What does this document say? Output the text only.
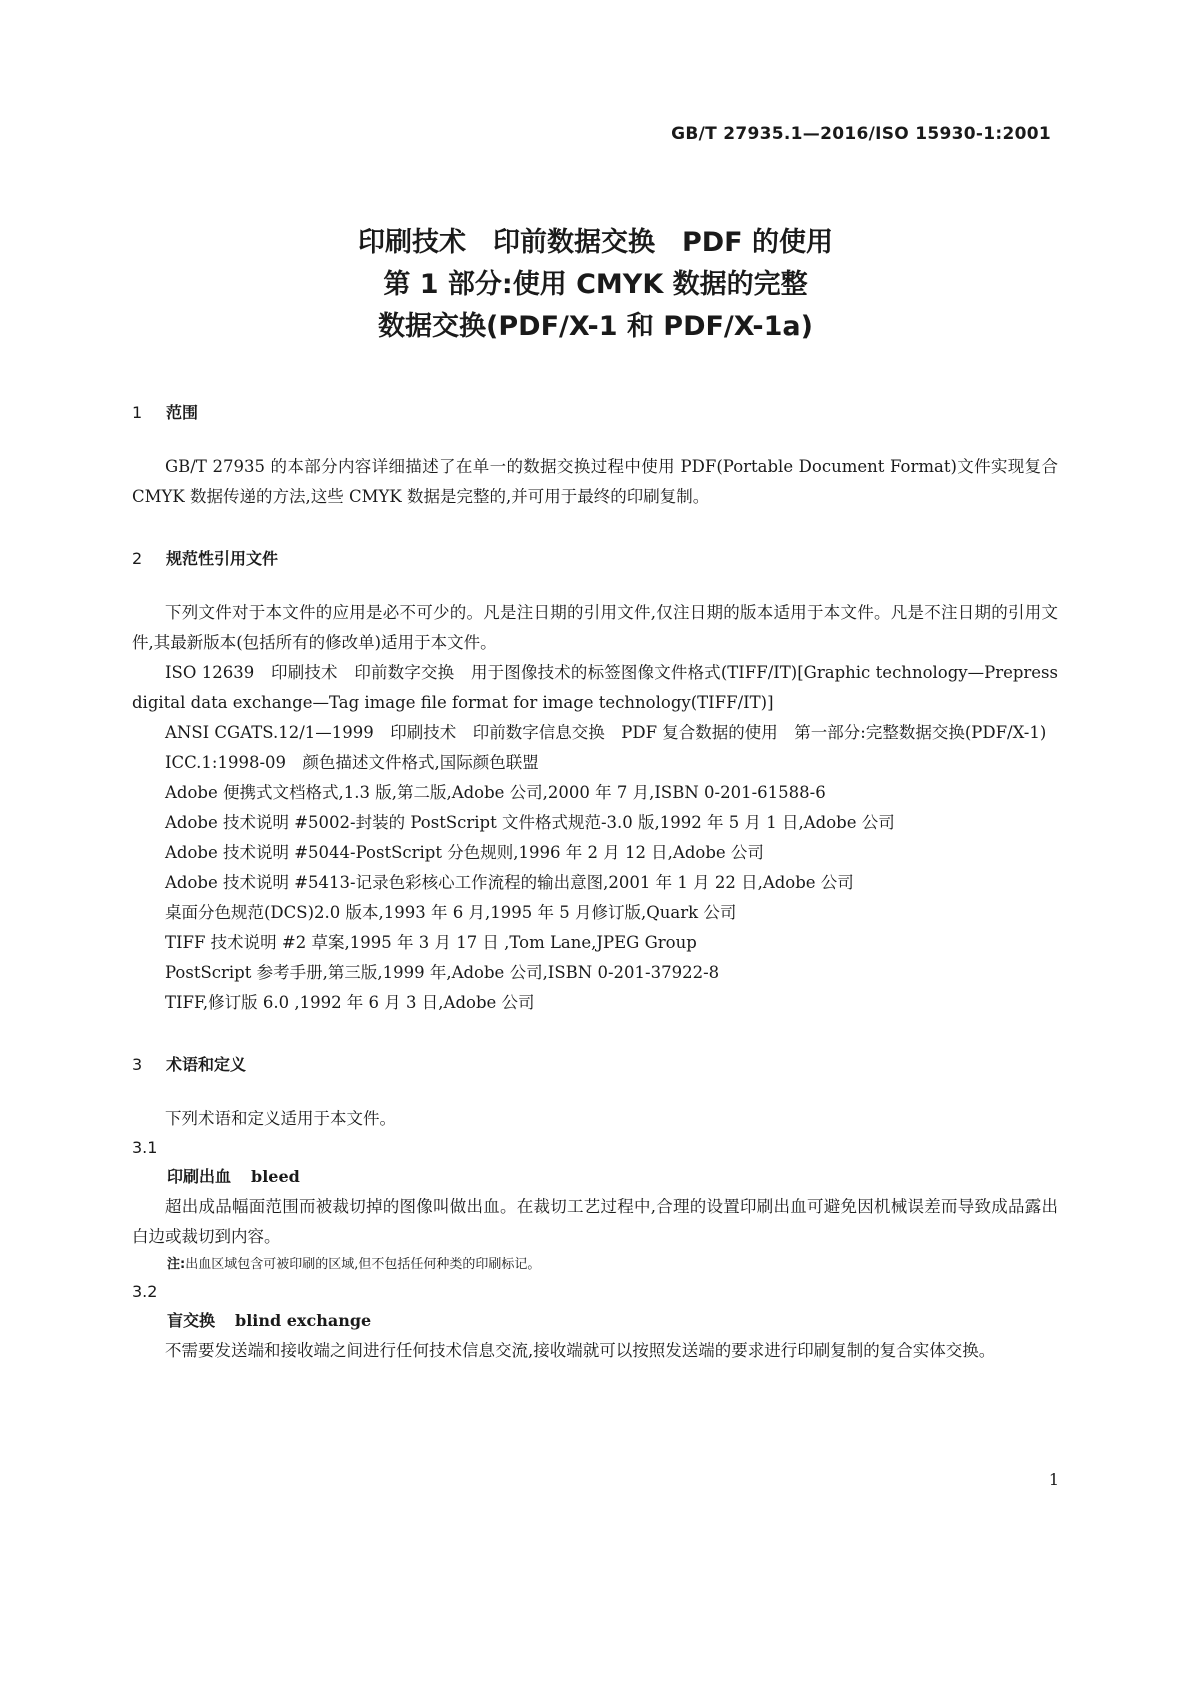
GB/T 27935.1—2016/ISO 15930-1:2001
印刷技术　印前数据交换　PDF 的使用
第 1 部分:使用 CMYK 数据的完整
数据交换(PDF/X-1 和 PDF/X-1a)
1 范围

GB/T 27935 的本部分内容详细描述了在单一的数据交换过程中使用 PDF(Portable Document Format)文件实现复合 CMYK 数据传递的方法,这些 CMYK 数据是完整的,并可用于最终的印刷复制。

2 规范性引用文件

下列文件对于本文件的应用是必不可少的。凡是注日期的引用文件,仅注日期的版本适用于本文件。凡是不注日期的引用文件,其最新版本(包括所有的修改单)适用于本文件。

ISO 12639　印刷技术　印前数字交换　用于图像技术的标签图像文件格式(TIFF/IT)[Graphic technology—Prepress digital data exchange—Tag image file format for image technology(TIFF/IT)]

ANSI CGATS.12/1—1999　印刷技术　印前数字信息交换　PDF 复合数据的使用　第一部分:完整数据交换(PDF/X-1)

ICC.1:1998-09　颜色描述文件格式,国际颜色联盟

Adobe 便携式文档格式,1.3 版,第二版,Adobe 公司,2000 年 7 月,ISBN 0-201-61588-6

Adobe 技术说明 #5002-封装的 PostScript 文件格式规范-3.0 版,1992 年 5 月 1 日,Adobe 公司

Adobe 技术说明 #5044-PostScript 分色规则,1996 年 2 月 12 日,Adobe 公司

Adobe 技术说明 #5413-记录色彩核心工作流程的输出意图,2001 年 1 月 22 日,Adobe 公司

桌面分色规范(DCS)2.0 版本,1993 年 6 月,1995 年 5 月修订版,Quark 公司

TIFF 技术说明 #2 草案,1995 年 3 月 17 日 ,Tom Lane,JPEG Group

PostScript 参考手册,第三版,1999 年,Adobe 公司,ISBN 0-201-37922-8

TIFF,修订版 6.0 ,1992 年 6 月 3 日,Adobe 公司

3 术语和定义

下列术语和定义适用于本文件。

3.1
印刷出血 bleed

超出成品幅面范围而被裁切掉的图像叫做出血。在裁切工艺过程中,合理的设置印刷出血可避免因机械误差而导致成品露出白边或裁切到内容。

注:出血区域包含可被印刷的区域,但不包括任何种类的印刷标记。

3.2
盲交换 blind exchange

不需要发送端和接收端之间进行任何技术信息交流,接收端就可以按照发送端的要求进行印刷复制的复合实体交换。

1
